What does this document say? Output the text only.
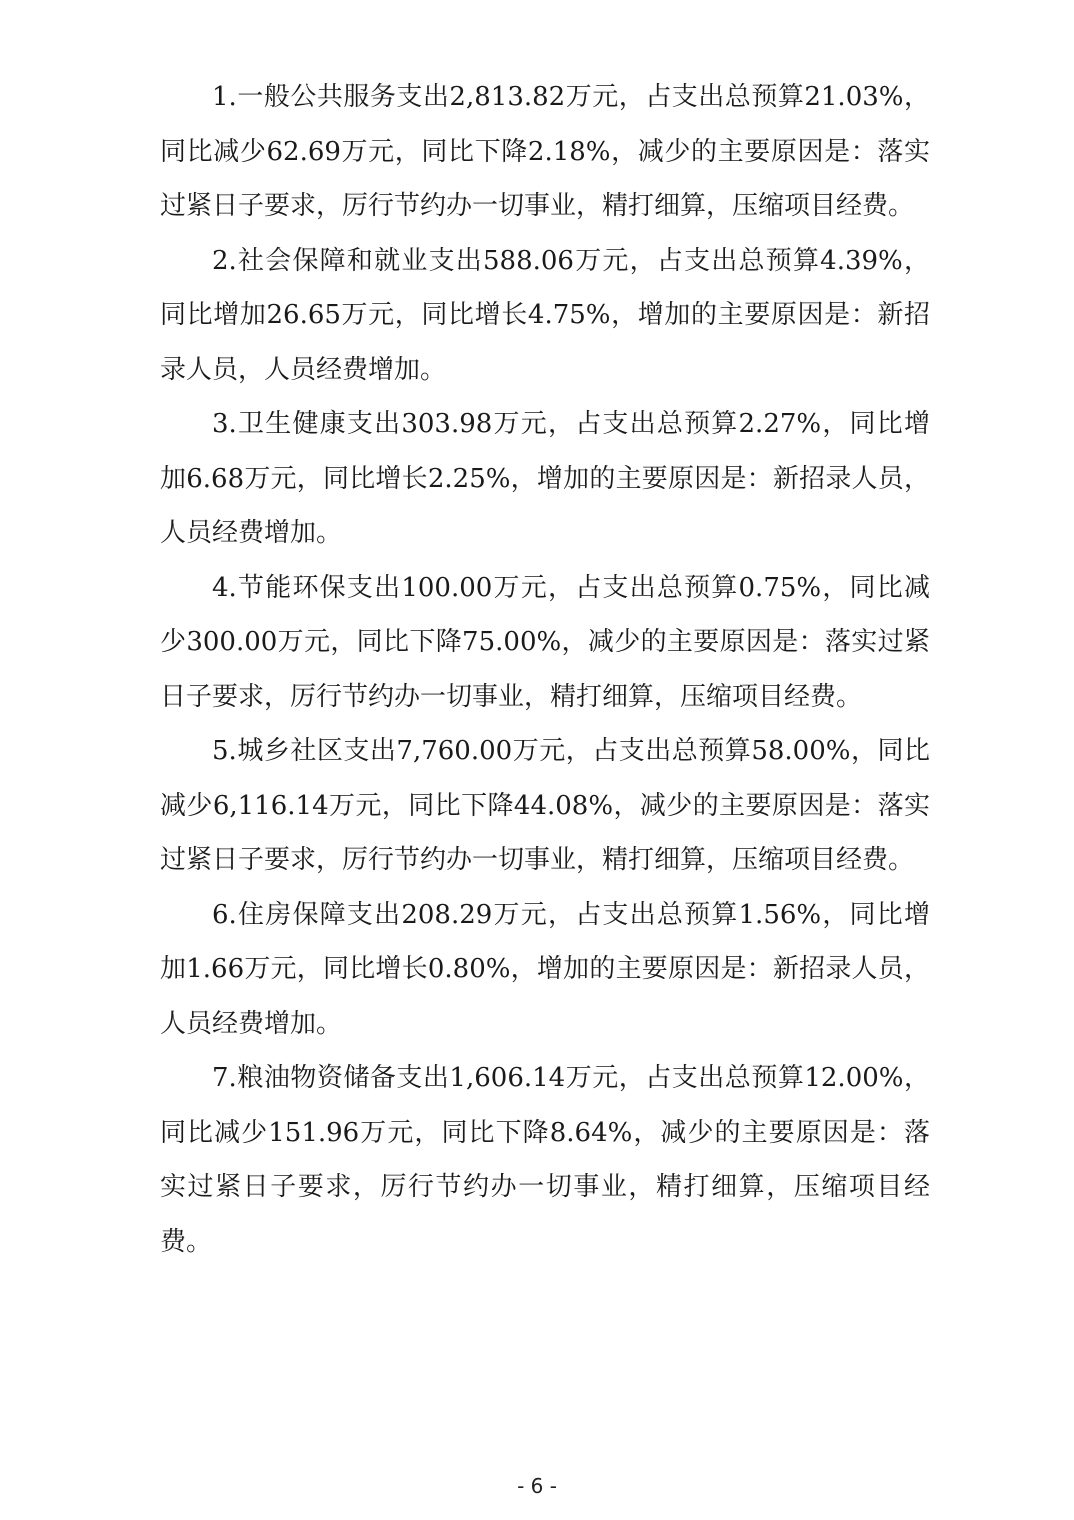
1.一般公共服务支出2,813.82万元，占支出总预算21.03%，同比减少62.69万元，同比下降2.18%，减少的主要原因是：落实过紧日子要求，厉行节约办一切事业，精打细算，压缩项目经费。

2.社会保障和就业支出588.06万元，占支出总预算4.39%，同比增加26.65万元，同比增长4.75%，增加的主要原因是：新招录人员，人员经费增加。

3.卫生健康支出303.98万元，占支出总预算2.27%，同比增加6.68万元，同比增长2.25%，增加的主要原因是：新招录人员，人员经费增加。

4.节能环保支出100.00万元，占支出总预算0.75%，同比减少300.00万元，同比下降75.00%，减少的主要原因是：落实过紧日子要求，厉行节约办一切事业，精打细算，压缩项目经费。

5.城乡社区支出7,760.00万元，占支出总预算58.00%，同比减少6,116.14万元，同比下降44.08%，减少的主要原因是：落实过紧日子要求，厉行节约办一切事业，精打细算，压缩项目经费。

6.住房保障支出208.29万元，占支出总预算1.56%，同比增加1.66万元，同比增长0.80%，增加的主要原因是：新招录人员，人员经费增加。

7.粮油物资储备支出1,606.14万元，占支出总预算12.00%，同比减少151.96万元，同比下降8.64%，减少的主要原因是：落实过紧日子要求，厉行节约办一切事业，精打细算，压缩项目经费。

- 6 -
